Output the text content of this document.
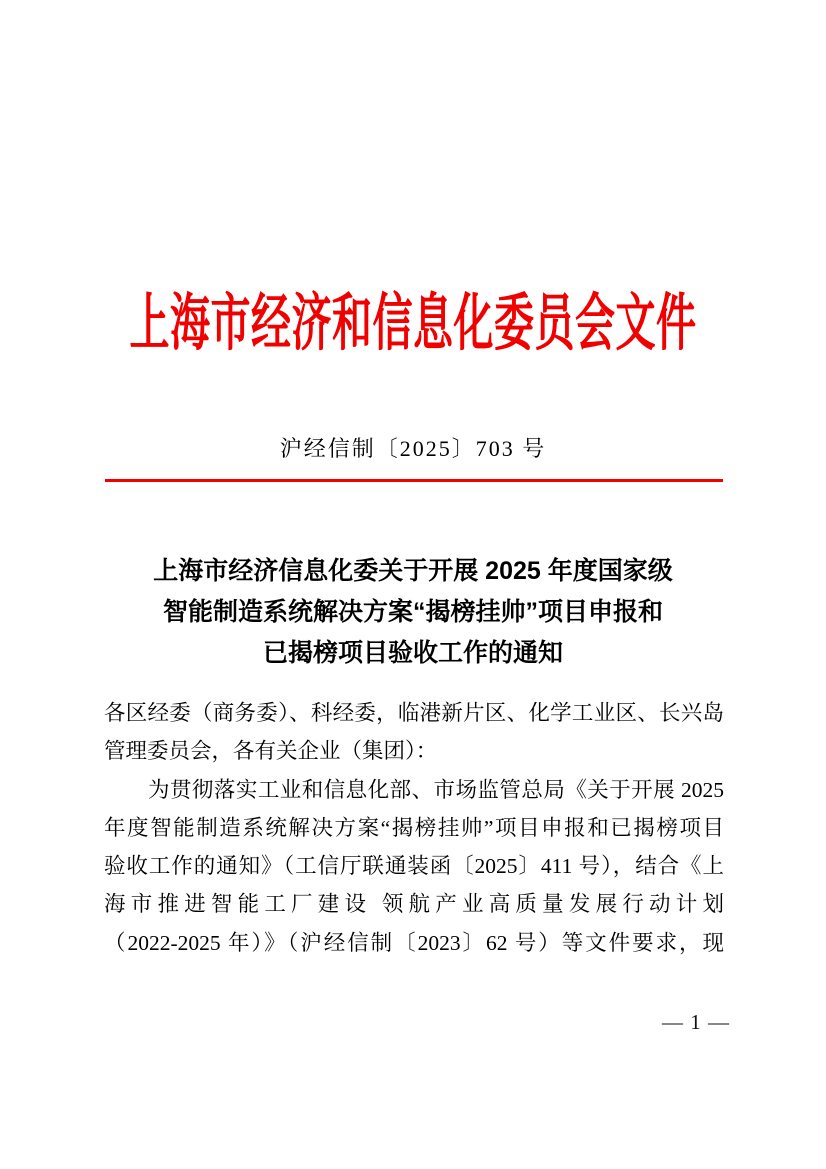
上海市经济和信息化委员会文件
沪经信制〔2025〕703 号
上海市经济信息化委关于开展 2025 年度国家级
智能制造系统解决方案“揭榜挂帅”项目申报和
已揭榜项目验收工作的通知
各区经委（商务委）、科经委，临港新片区、化学工业区、长兴岛
管理委员会，各有关企业（集团）：
为贯彻落实工业和信息化部、市场监管总局《关于开展 2025
年度智能制造系统解决方案“揭榜挂帅”项目申报和已揭榜项目
验收工作的通知》（工信厅联通装函〔2025〕411 号），结合《上
海市推进智能工厂建设 领航产业高质量发展行动计划
（2022-2025 年）》（沪经信制〔2023〕62 号）等文件要求，现
— 1 —
